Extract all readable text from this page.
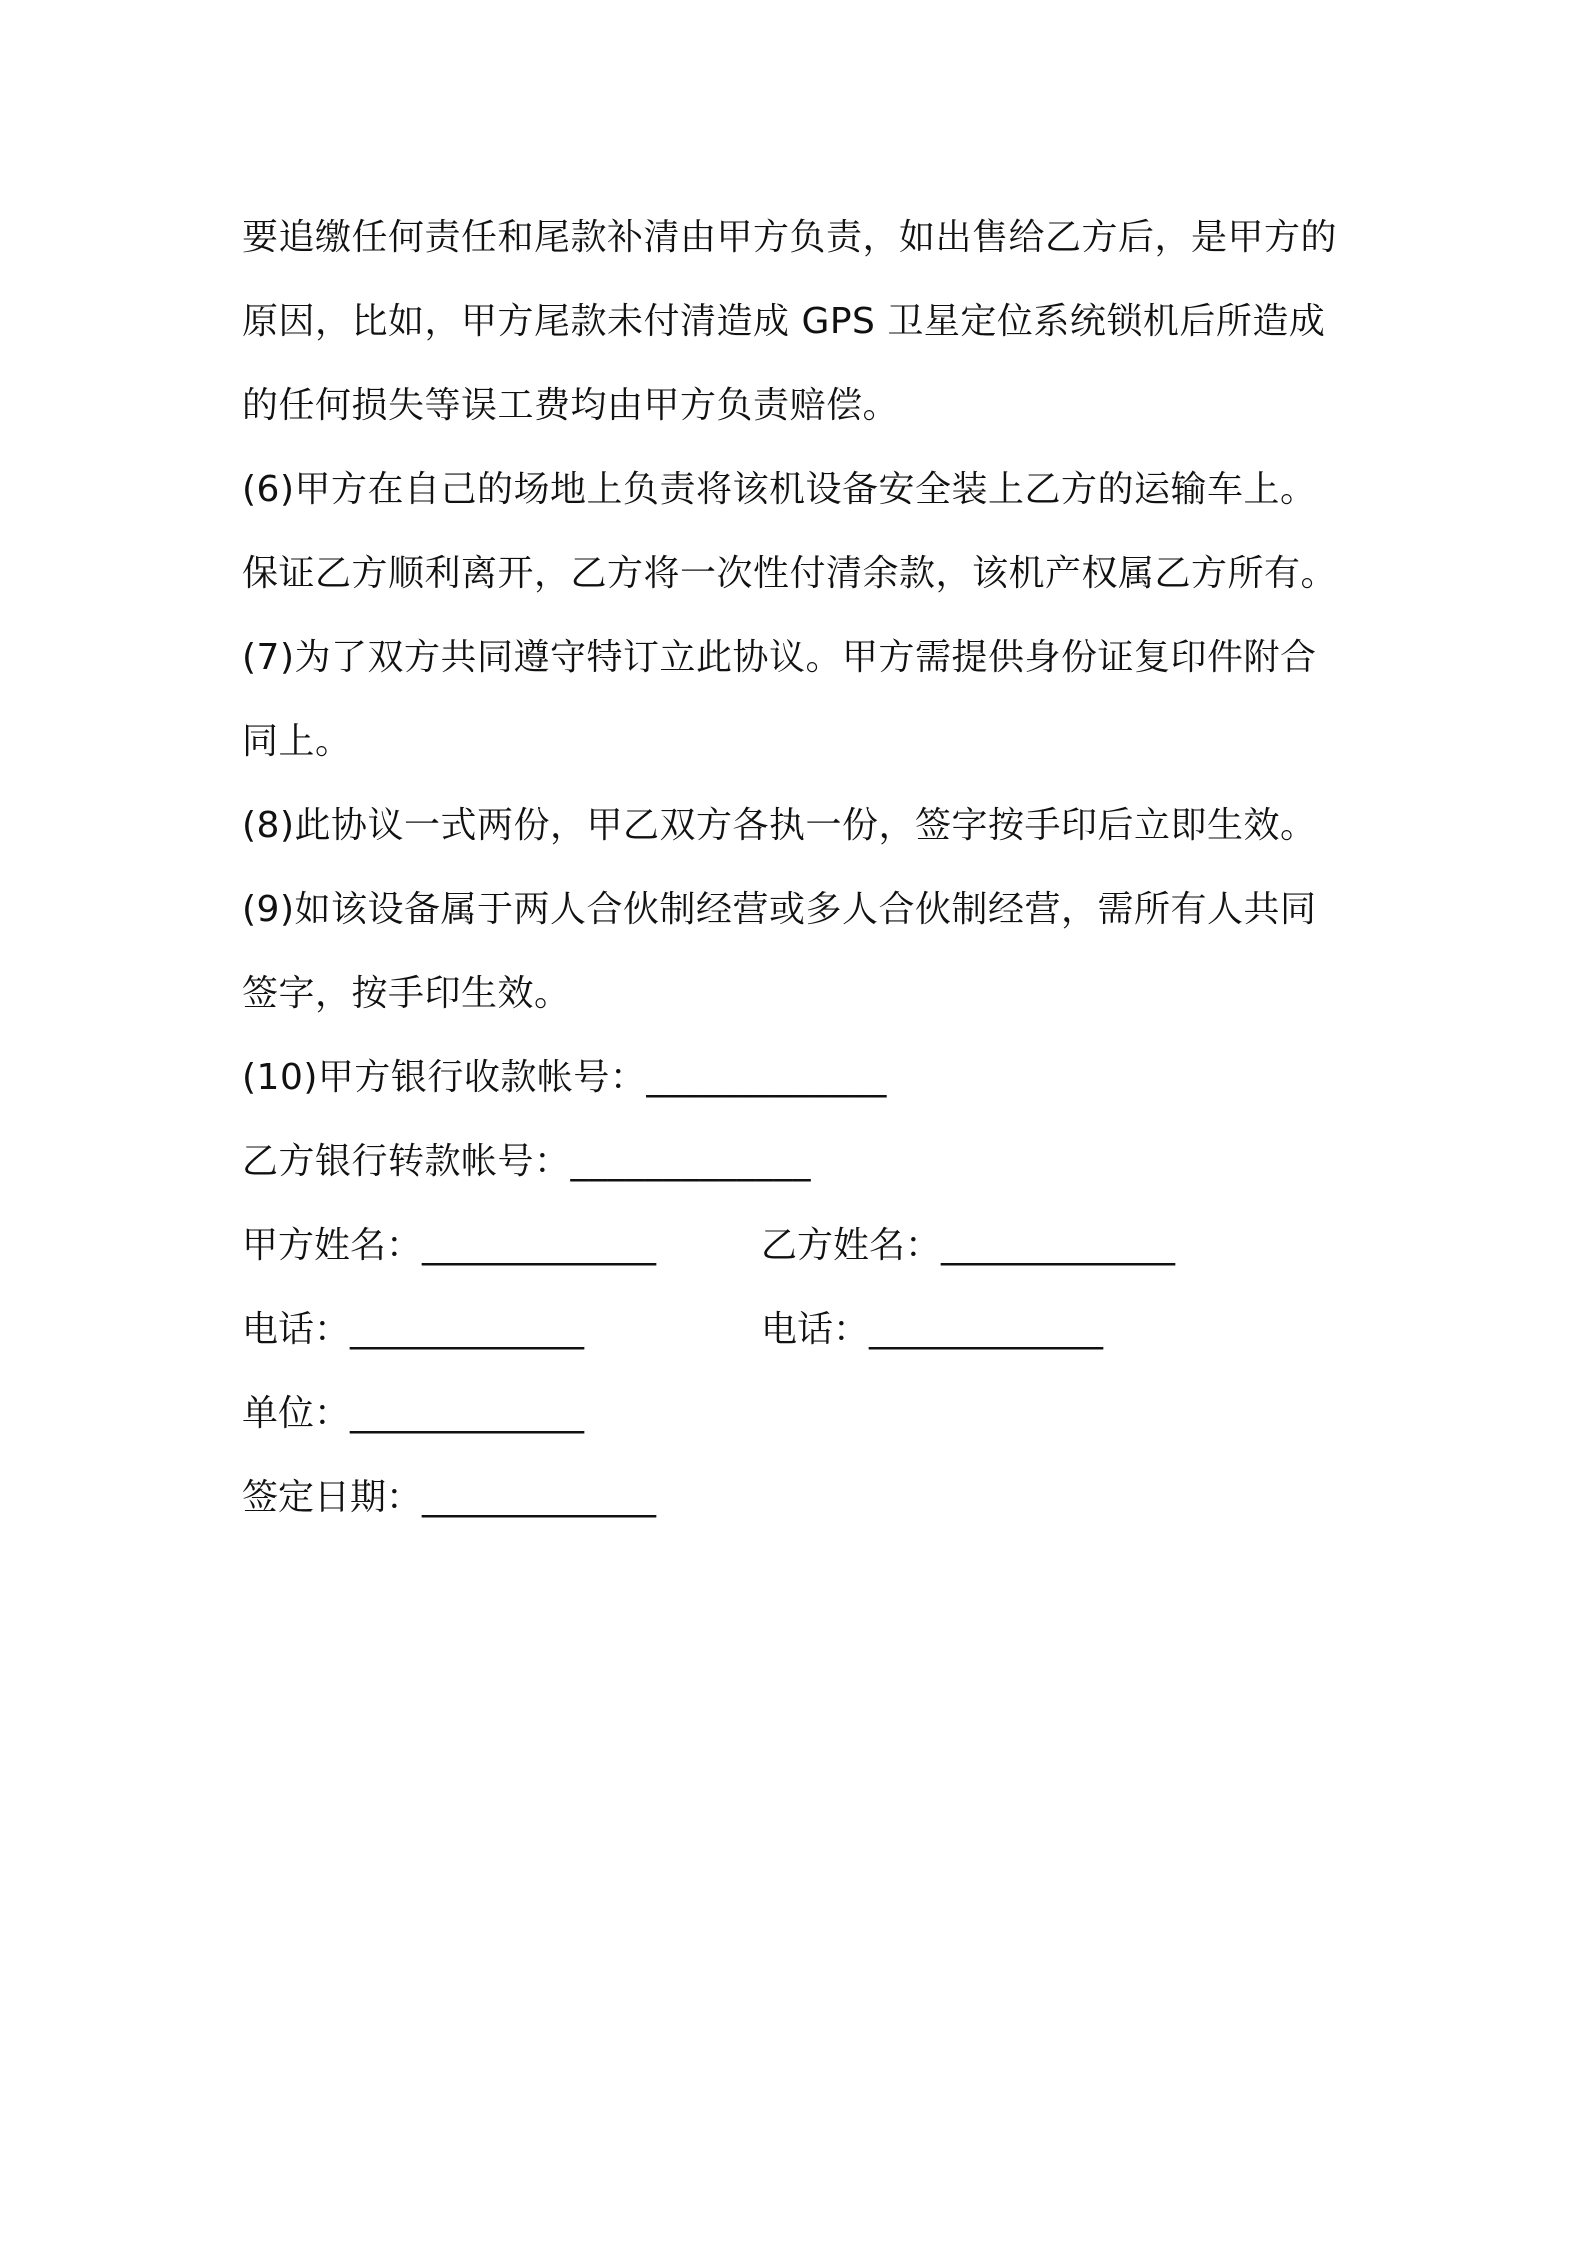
要追缴任何责任和尾款补清由甲方负责，如出售给乙方后，是甲方的
原因，比如，甲方尾款未付清造成 GPS 卫星定位系统锁机后所造成
的任何损失等误工费均由甲方负责赔偿。
(6)甲方在自己的场地上负责将该机设备安全装上乙方的运输车上。
保证乙方顺利离开，乙方将一次性付清余款，该机产权属乙方所有。
(7)为了双方共同遵守特订立此协议。甲方需提供身份证复印件附合
同上。
(8)此协议一式两份，甲乙双方各执一份，签字按手印后立即生效。
(9)如该设备属于两人合伙制经营或多人合伙制经营，需所有人共同
签字，按手印生效。
(10)甲方银行收款帐号：_____________
乙方银行转款帐号：_____________
甲方姓名：_____________	乙方姓名：_____________
电话：_____________	电话：_____________
单位：_____________
签定日期：_____________
